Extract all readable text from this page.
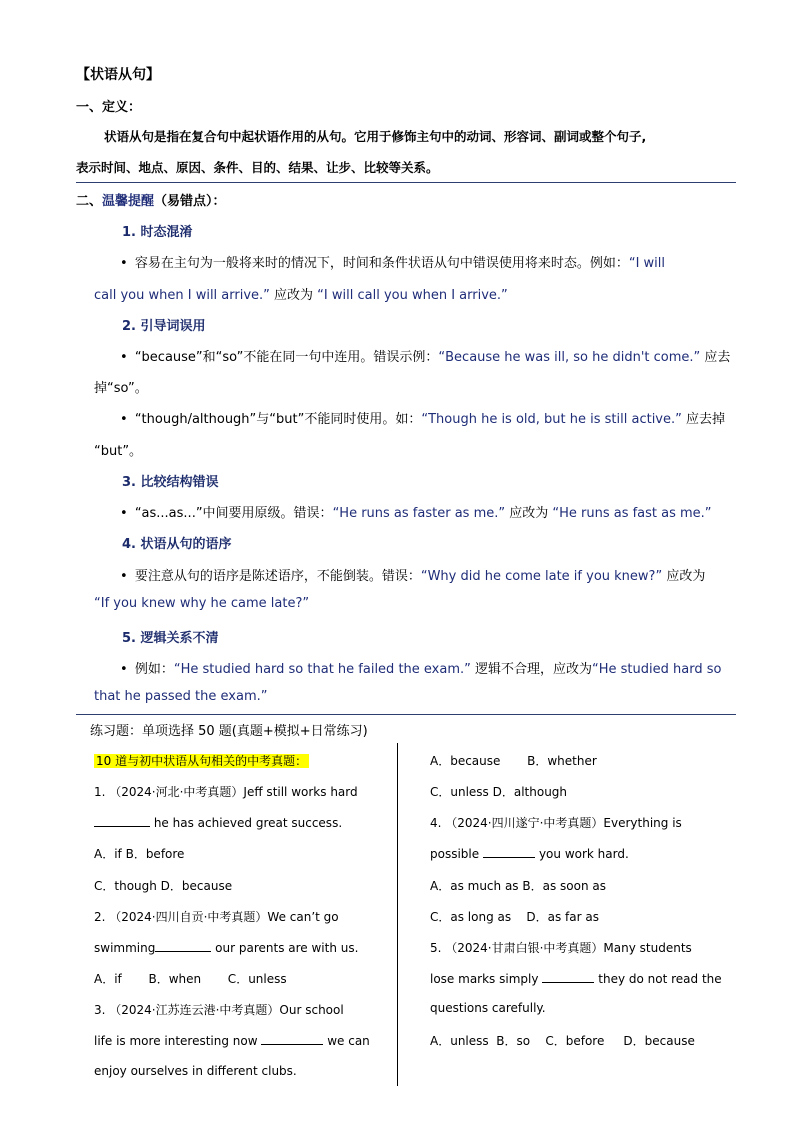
【状语从句】
一、定义：
状语从句是指在复合句中起状语作用的从句。它用于修饰主句中的动词、形容词、副词或整个句子,
表示时间、地点、原因、条件、目的、结果、让步、比较等关系。
二、温馨提醒（易错点）：
1. 时态混淆
• 容易在主句为一般将来时的情况下，时间和条件状语从句中错误使用将来时态。例如：“I will
call you when I will arrive.” 应改为 “I will call you when I arrive.”
2. 引导词误用
• “because”和“so”不能在同一句中连用。错误示例：“Because he was ill, so he didn't come.” 应去
掉“so”。
• “though/although”与“but”不能同时使用。如：“Though he is old, but he is still active.” 应去掉
“but”。
3. 比较结构错误
• “as...as...”中间要用原级。错误：“He runs as faster as me.” 应改为 “He runs as fast as me.”
4. 状语从句的语序
• 要注意从句的语序是陈述语序，不能倒装。错误：“Why did he come late if you knew?” 应改为
“If you knew why he came late?”
5. 逻辑关系不清
• 例如：“He studied hard so that he failed the exam.” 逻辑不合理，应改为“He studied hard so
that he passed the exam.”
练习题：单项选择 50 题(真题+模拟+日常练习)
10 道与初中状语从句相关的中考真题：
1. （2024·河北·中考真题）Jeff still works hard
he has achieved great success.
A．if B．before
C．though D．because
2. （2024·四川自贡·中考真题）We can’t go
swimming	our parents are with us.
A．if       B．when       C．unless
3. （2024·江苏连云港·中考真题）Our school
life is more interesting now	we can
enjoy ourselves in different clubs.
A．because       B．whether
C．unless D．although
4. （2024·四川遂宁·中考真题）Everything is
possible	you work hard.
A．as much as B．as soon as
C．as long as    D．as far as
5. （2024·甘肃白银·中考真题）Many students
lose marks simply	they do not read the
questions carefully.
A．unless  B．so    C．before     D．because
